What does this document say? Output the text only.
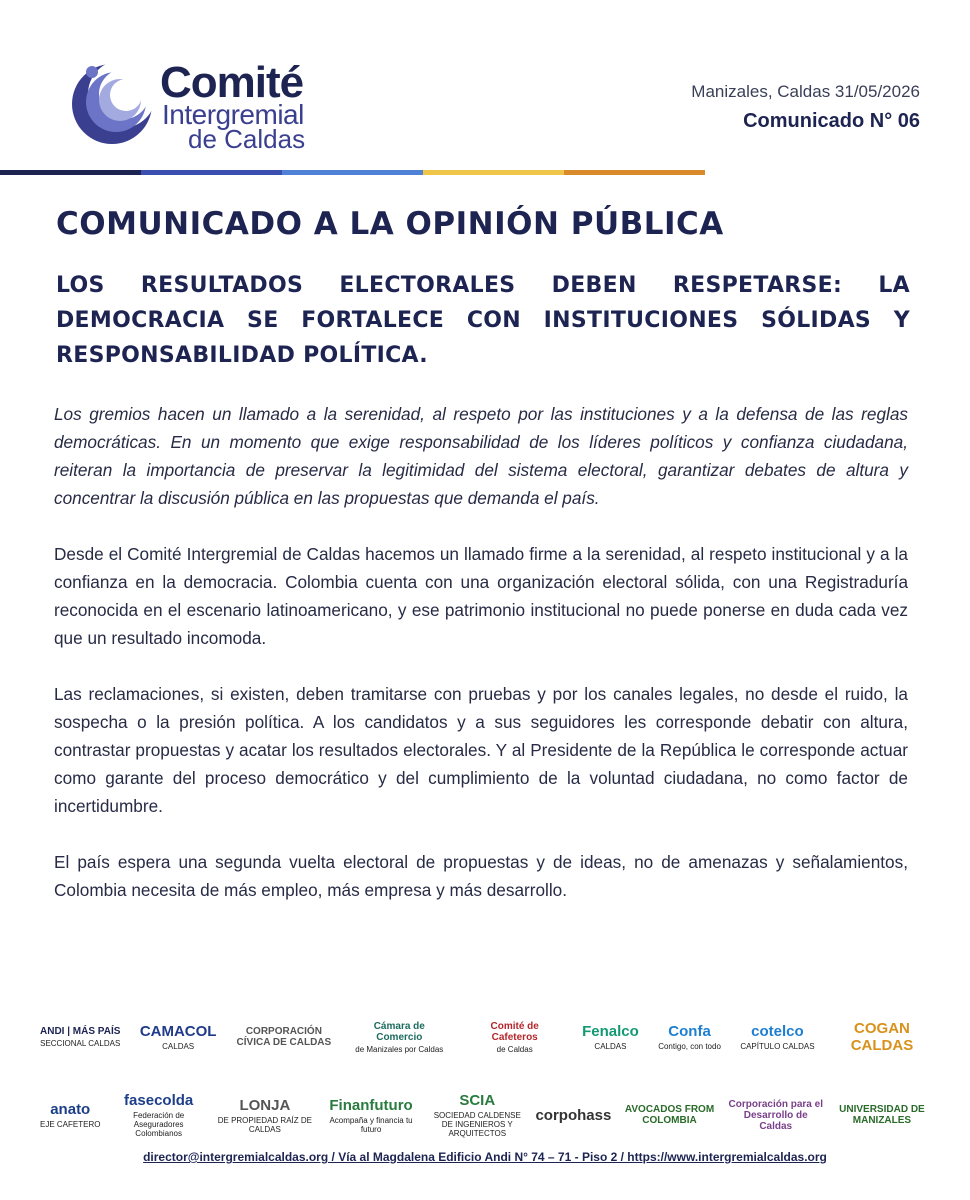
Comité
Intergremial
de Caldas
Manizales, Caldas 31/05/2026
Comunicado N° 06
COMUNICADO A LA OPINIÓN PÚBLICA
LOS RESULTADOS ELECTORALES DEBEN RESPETARSE: LA DEMOCRACIA SE FORTALECE CON INSTITUCIONES SÓLIDAS Y RESPONSABILIDAD POLÍTICA.

Los gremios hacen un llamado a la serenidad, al respeto por las instituciones y a la defensa de las reglas democráticas. En un momento que exige responsabilidad de los líderes políticos y confianza ciudadana, reiteran la importancia de preservar la legitimidad del sistema electoral, garantizar debates de altura y concentrar la discusión pública en las propuestas que demanda el país.

Desde el Comité Intergremial de Caldas hacemos un llamado firme a la serenidad, al respeto institucional y a la confianza en la democracia. Colombia cuenta con una organización electoral sólida, con una Registraduría reconocida en el escenario latinoamericano, y ese patrimonio institucional no puede ponerse en duda cada vez que un resultado incomoda.

Las reclamaciones, si existen, deben tramitarse con pruebas y por los canales legales, no desde el ruido, la sospecha o la presión política. A los candidatos y a sus seguidores les corresponde debatir con altura, contrastar propuestas y acatar los resultados electorales. Y al Presidente de la República le corresponde actuar como garante del proceso democrático y del cumplimiento de la voluntad ciudadana, no como factor de incertidumbre.

El país espera una segunda vuelta electoral de propuestas y de ideas, no de amenazas y señalamientos, Colombia necesita de más empleo, más empresa y más desarrollo.

ANDI | MÁS PAÍS
SECCIONAL CALDAS
CAMACOL
CALDAS
CORPORACIÓN CÍVICA DE CALDAS
Cámara de Comercio
de Manizales por Caldas
Comité de Cafeteros
de Caldas
Fenalco
CALDAS
Confa
Contigo, con todo
cotelco
CAPÍTULO CALDAS
COGAN CALDAS
anato
EJE CAFETERO
fasecolda
Federación de Aseguradores Colombianos
LONJA
DE PROPIEDAD RAÍZ DE CALDAS
Finanfuturo
Acompaña y financia tu futuro
SCIA
SOCIEDAD CALDENSE DE INGENIEROS Y ARQUITECTOS
corpohass	AVOCADOS FROM COLOMBIA
Corporación para el Desarrollo de Caldas
UNIVERSIDAD DE MANIZALES
director@intergremialcaldas.org / Vía al Magdalena Edificio Andi N° 74 – 71 - Piso 2 / https://www.intergremialcaldas.org
